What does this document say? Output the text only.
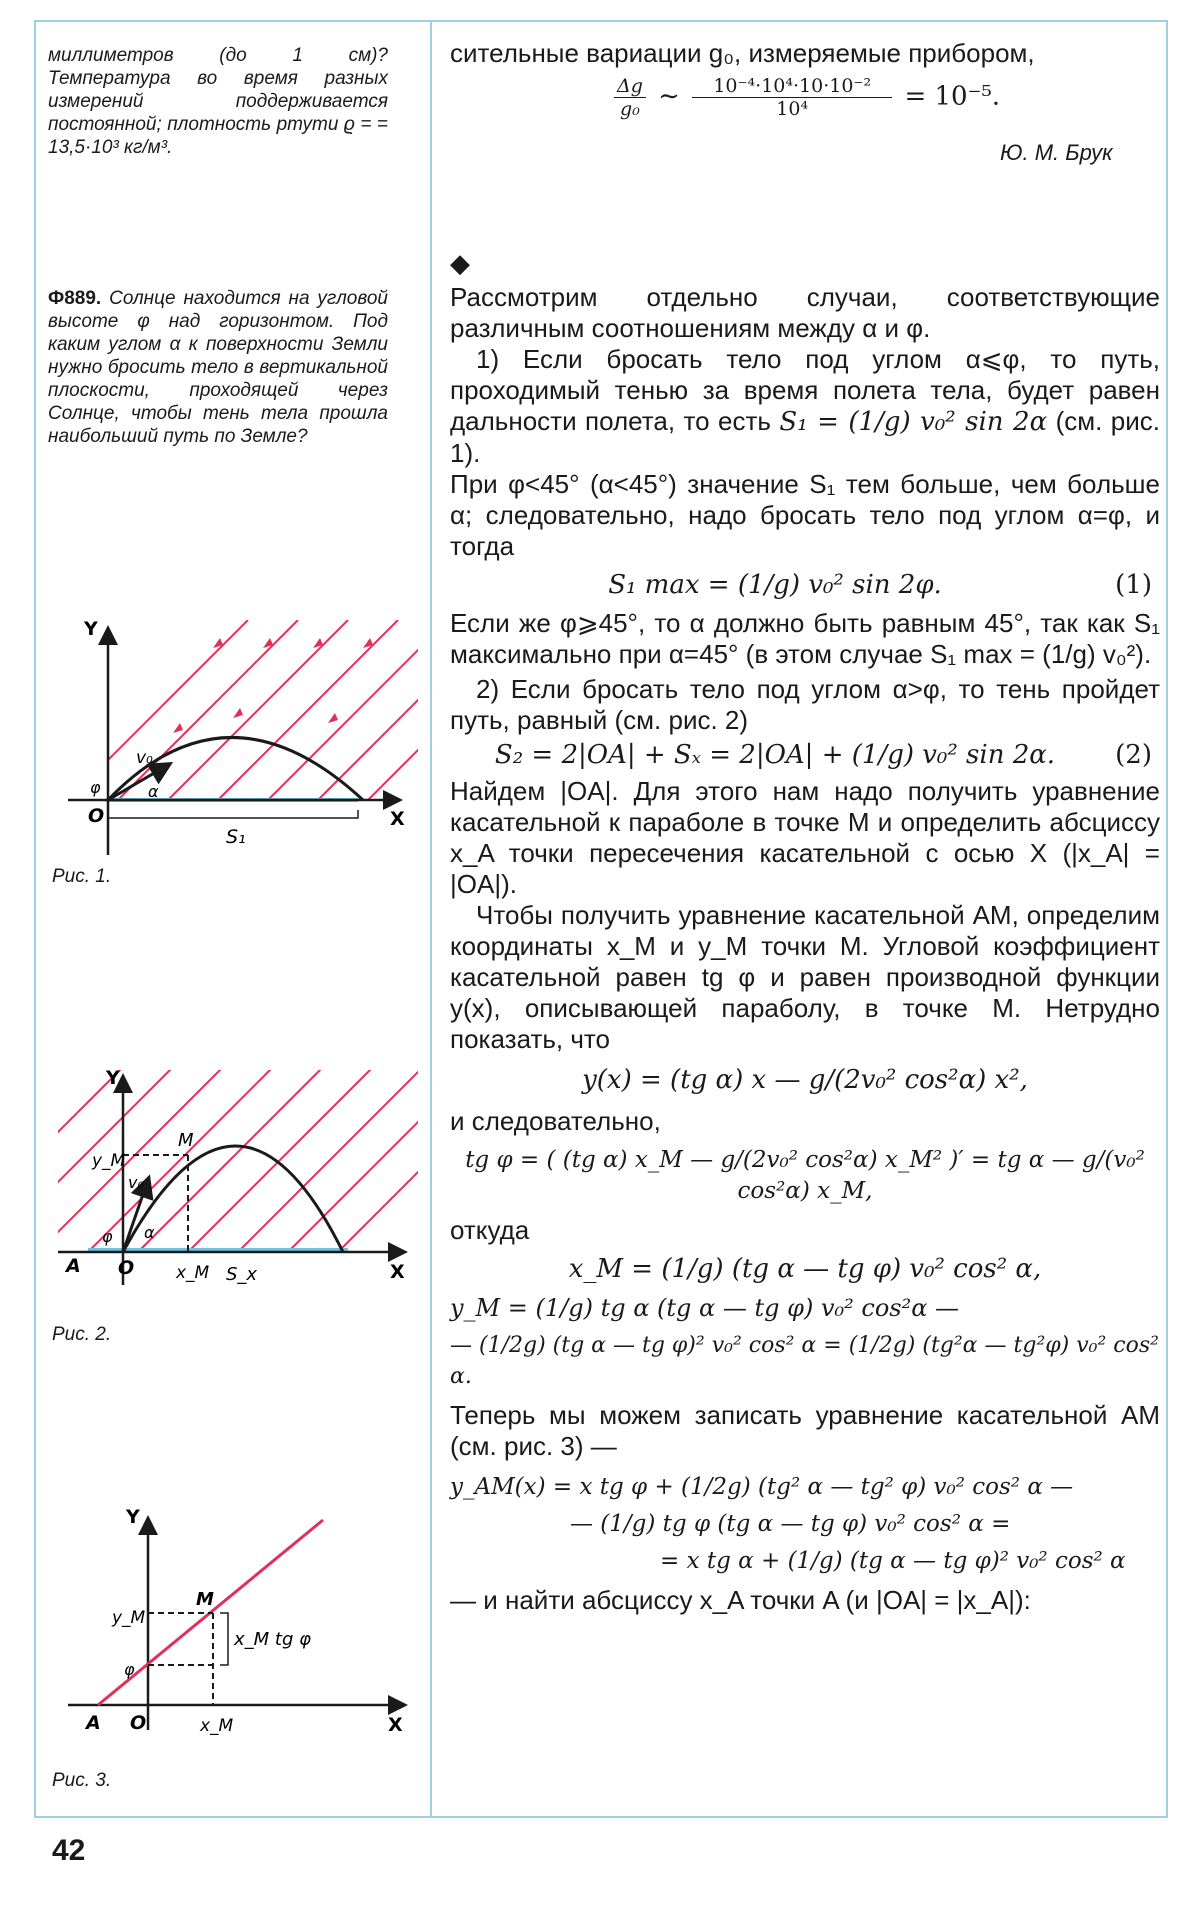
миллиметров (до 1 см)? Температура во время разных измерений поддерживается постоянной; плотность ртути ϱ = = 13,5·10³ кг/м³.

Ф889. Солнце находится на угловой высоте φ над горизонтом. Под каким углом α к поверхности Земли нужно бросить тело в вертикальной плоскости, проходящей через Солнце, чтобы тень тела прошла наибольший путь по Земле?

Y
X
O
v₀
φ	α
S₁
Рис. 1.
Y
X
A O
M
y_M
x_M S_x
v₀
φ α
Рис. 2.
Y
X
A O
M
y_M
x_M
φ
x_M tg φ
Рис. 3.

сительные вариации g₀, измеряемые прибором,

$\frac{\Delta g}{\text{g₀}}$ ∼ $\frac{\text{10⁻⁴·10⁴·10·10⁻²}}{\text{10⁴}} = 10^{-5}$.
Ю. М. Брук
◆

Рассмотрим отдельно случаи, соответствующие различным соотношениям между α и φ.

1) Если бросать тело под углом α⩽φ, то путь, проходимый тенью за время полета тела, будет равен дальности полета, то есть S₁ = (1/g) v₀² sin 2α (см. рис. 1).

При φ<45° (α<45°) значение S₁ тем больше, чем больше α; следовательно, надо бросать тело под углом α=φ, и тогда

S₁ max = (1/g) v₀² sin 2φ.	(1)

Если же φ⩾45°, то α должно быть равным 45°, так как S₁ максимально при α=45° (в этом случае S₁ max = (1/g) v₀²).

2) Если бросать тело под углом α>φ, то тень пройдет путь, равный (см. рис. 2)

S₂ = 2|OA| + Sₓ = 2|OA| + (1/g) v₀² sin 2α.	(2)

Найдем |OA|. Для этого нам надо получить уравнение касательной к параболе в точке M и определить абсциссу x_A точки пересечения касательной с осью X (|x_A| = |OA|).

Чтобы получить уравнение касательной AM, определим координаты x_M и y_M точки M. Угловой коэффициент касательной равен tg φ и равен производной функции y(x), описывающей параболу, в точке M. Нетрудно показать, что

y(x) = (tg α) x — g/(2v₀² cos²α) x²,

и следовательно,

tg φ = ( (tg α) x_M — g/(2v₀² cos²α) x_M² )′ = tg α — g/(v₀² cos²α) x_M,

откуда

x_M = (1/g) (tg α — tg φ) v₀² cos² α,
y_M = (1/g) tg α (tg α — tg φ) v₀² cos²α —
— (1/2g) (tg α — tg φ)² v₀² cos² α = (1/2g) (tg²α — tg²φ) v₀² cos² α.

Теперь мы можем записать уравнение касательной AM (см. рис. 3) —

y_AM(x) = x tg φ + (1/2g) (tg² α — tg² φ) v₀² cos² α —
— (1/g) tg φ (tg α — tg φ) v₀² cos² α =
= x tg α + (1/g) (tg α — tg φ)² v₀² cos² α

— и найти абсциссу x_A точки A (и |OA| = |x_A|):

42
